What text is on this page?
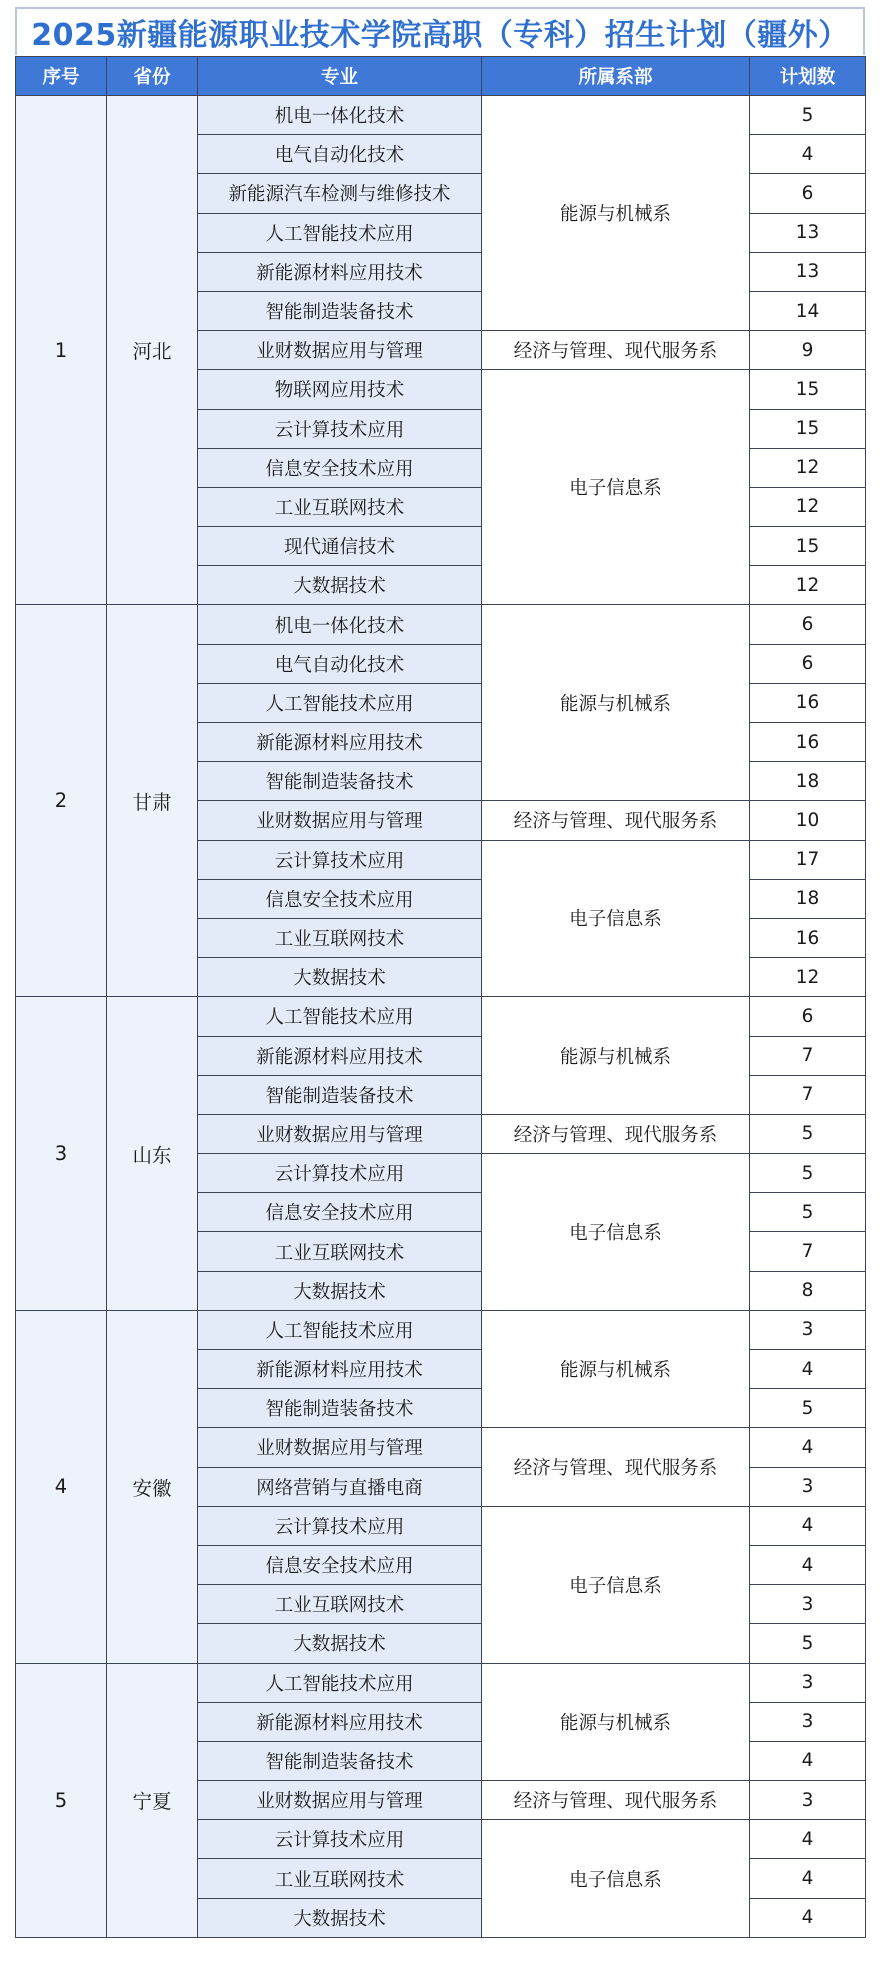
2025新疆能源职业技术学院高职（专科）招生计划（疆外）
序号	省份	专业	所属系部	计划数
1	河北	机电一体化技术	能源与机械系	5
		电气自动化技术		4
		新能源汽车检测与维修技术		6
		人工智能技术应用		13
		新能源材料应用技术		13
		智能制造装备技术		14
		业财数据应用与管理	经济与管理、现代服务系	9
		物联网应用技术	电子信息系	15
		云计算技术应用		15
		信息安全技术应用		12
		工业互联网技术		12
		现代通信技术		15
		大数据技术		12
2	甘肃	机电一体化技术	能源与机械系	6
		电气自动化技术		6
		人工智能技术应用		16
		新能源材料应用技术		16
		智能制造装备技术		18
		业财数据应用与管理	经济与管理、现代服务系	10
		云计算技术应用	电子信息系	17
		信息安全技术应用		18
		工业互联网技术		16
		大数据技术		12
3	山东	人工智能技术应用	能源与机械系	6
		新能源材料应用技术		7
		智能制造装备技术		7
		业财数据应用与管理	经济与管理、现代服务系	5
		云计算技术应用	电子信息系	5
		信息安全技术应用		5
		工业互联网技术		7
		大数据技术		8
4	安徽	人工智能技术应用	能源与机械系	3
		新能源材料应用技术		4
		智能制造装备技术		5
		业财数据应用与管理	经济与管理、现代服务系	4
		网络营销与直播电商		3
		云计算技术应用	电子信息系	4
		信息安全技术应用		4
		工业互联网技术		3
		大数据技术		5
5	宁夏	人工智能技术应用	能源与机械系	3
		新能源材料应用技术		3
		智能制造装备技术		4
		业财数据应用与管理	经济与管理、现代服务系	3
		云计算技术应用	电子信息系	4
		工业互联网技术		4
		大数据技术		4
